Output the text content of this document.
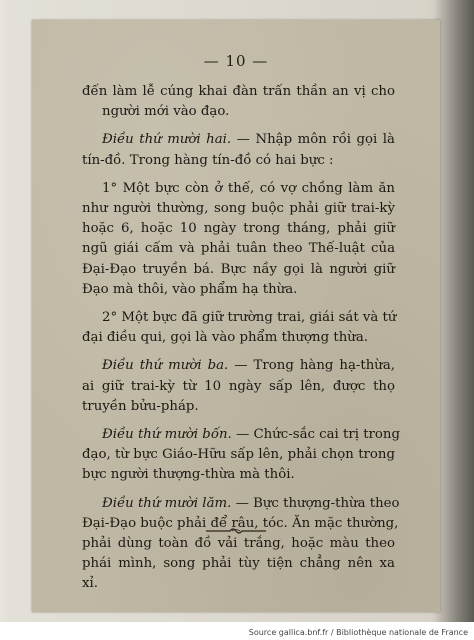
— 10 —

đến làm lễ cúng khai đàn trấn thần an vị cho
người mới vào đạo.

Điều thứ mười hai. — Nhập môn rồi gọi là
tín-đồ. Trong hàng tín-đồ có hai bực :

1° Một bực còn ở thế, có vợ chồng làm ăn
như người thường, song buộc phải giữ trai-kỳ
hoặc 6, hoặc 10 ngày trong tháng, phải giữ
ngũ giái cấm và phải tuân theo Thế-luật của
Đại-Đạo truyền bá. Bực nầy gọi là người giữ
Đạo mà thôi, vào phẩm hạ thừa.

2° Một bực đã giữ trường trai, giái sát và tứ
đại điều qui, gọi là vào phẩm thượng thừa.

Điều thứ mười ba. — Trong hàng hạ-thừa,
ai giữ trai-kỳ từ 10 ngày sấp lên, được thọ
truyền bửu-pháp.

Điều thứ mười bốn. — Chức-sắc cai trị trong
đạo, từ bực Giáo-Hữu sấp lên, phải chọn trong
bực người thượng-thừa mà thôi.

Điều thứ mười lăm. — Bực thượng-thừa theo
Đại-Đạo buộc phải để râu, tóc. Ăn mặc thường,
phải dùng toàn đồ vải trắng, hoặc màu theo
phái mình, song phải tùy tiện chẳng nên xa
xỉ.

Source gallica.bnf.fr / Bibliothèque nationale de France
